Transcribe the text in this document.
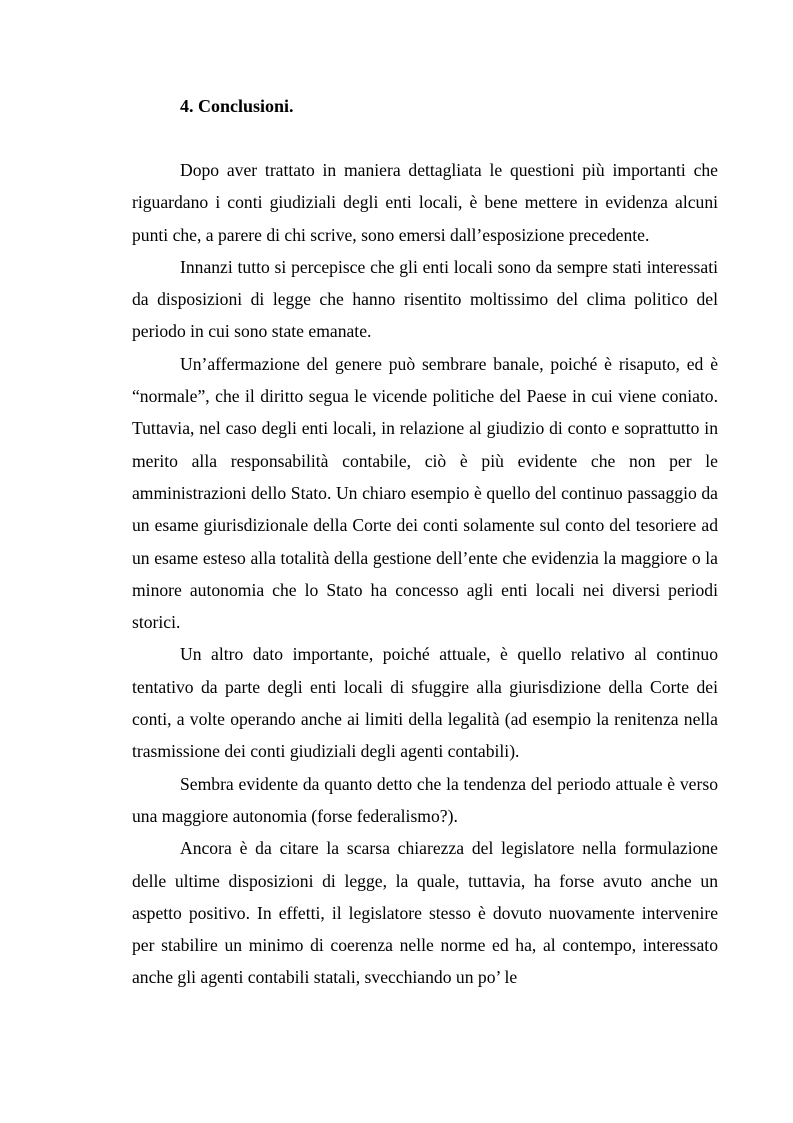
4. Conclusioni.

Dopo aver trattato in maniera dettagliata le questioni più importanti che riguardano i conti giudiziali degli enti locali, è bene mettere in evidenza alcuni punti che, a parere di chi scrive, sono emersi dall’esposizione precedente.

Innanzi tutto si percepisce che gli enti locali sono da sempre stati interessati da disposizioni di legge che hanno risentito moltissimo del clima politico del periodo in cui sono state emanate.

Un’affermazione del genere può sembrare banale, poiché è risaputo, ed è “normale”, che il diritto segua le vicende politiche del Paese in cui viene coniato. Tuttavia, nel caso degli enti locali, in relazione al giudizio di conto e soprattutto in merito alla responsabilità contabile, ciò è più evidente che non per le amministrazioni dello Stato. Un chiaro esempio è quello del continuo passaggio da un esame giurisdizionale della Corte dei conti solamente sul conto del tesoriere ad un esame esteso alla totalità della gestione dell’ente che evidenzia la maggiore o la minore autonomia che lo Stato ha concesso agli enti locali nei diversi periodi storici.

Un altro dato importante, poiché attuale, è quello relativo al continuo tentativo da parte degli enti locali di sfuggire alla giurisdizione della Corte dei conti, a volte operando anche ai limiti della legalità (ad esempio la renitenza nella trasmissione dei conti giudiziali degli agenti contabili).

Sembra evidente da quanto detto che la tendenza del periodo attuale è verso una maggiore autonomia (forse federalismo?).

Ancora è da citare la scarsa chiarezza del legislatore nella formulazione delle ultime disposizioni di legge, la quale, tuttavia, ha forse avuto anche un aspetto positivo. In effetti, il legislatore stesso è dovuto nuovamente intervenire per stabilire un minimo di coerenza nelle norme ed ha, al contempo, interessato anche gli agenti contabili statali, svecchiando un po’ le
